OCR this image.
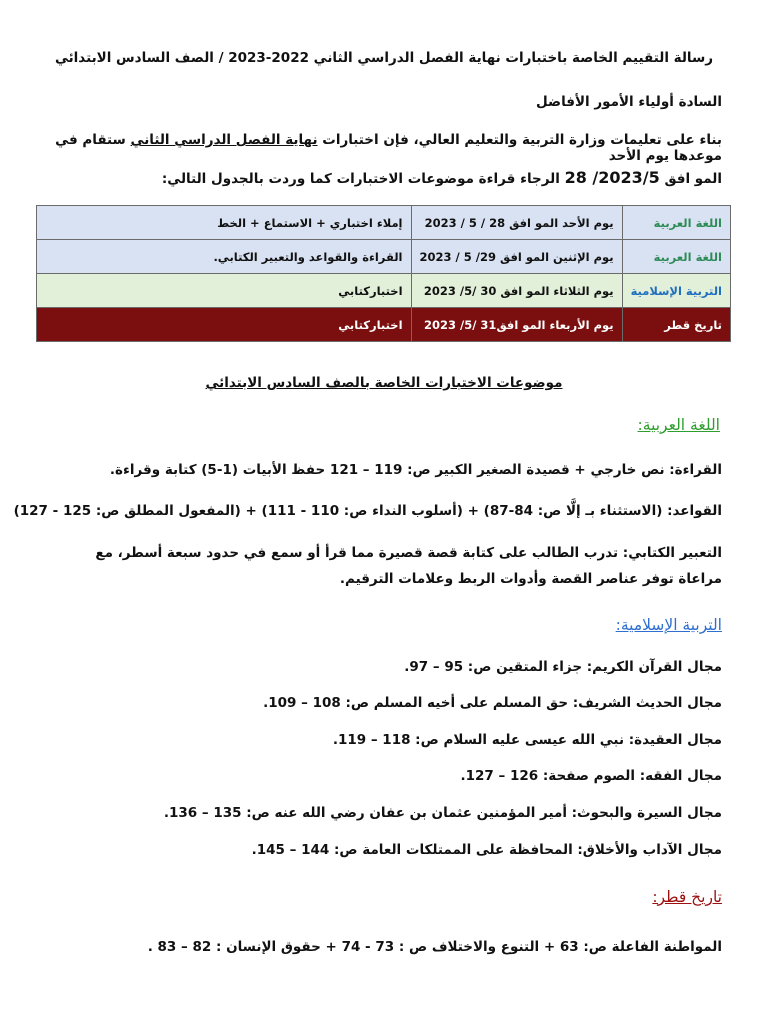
رسالة التقييم الخاصة باختبارات نهاية الفصل الدراسي الثاني 2022-2023 / الصف السادس الابتدائي
السادة أولياء الأمور الأفاضل
بناء على تعليمات وزارة التربية والتعليم العالي، فإن اختبارات نهاية الفصل الدراسي الثاني ستقام في موعدها يوم الأحد
المو افق 28 /2023/5 الرجاء قراءة موضوعات الاختبارات كما وردت بالجدول التالي:
اللغة العربية	يوم الأحد المو افق 28 / 5 / 2023	إملاء اختباري + الاستماع + الخط
اللغة العربية	يوم الإثنين المو افق 29/ 5 / 2023	القراءة والقواعد والتعبير الكتابي.
التربية الإسلامية	يوم الثلاثاء المو افق 30 /5/ 2023	اختباركتابي
تاريخ قطر	يوم الأربعاء المو افق31 /5/ 2023	اختباركتابي
موضوعات الاختبارات الخاصة بالصف السادس الابتدائي
اللغة العربية:
القراءة: نص خارجي + قصيدة الصغير الكبير ص: 119 – 121 حفظ الأبيات (1-5) كتابة وقراءة.
القواعد: (الاستثناء بـ إلَّا ص: 84-87) + (أسلوب النداء ص: 110 - 111) + (المفعول المطلق ص: 125 - 127)
التعبير الكتابي: تدرب الطالب على كتابة قصة قصيرة مما قرأ أو سمع في حدود سبعة أسطر، مع مراعاة توفر عناصر القصة وأدوات الربط وعلامات الترقيم.
التربية الإسلامية:
مجال القرآن الكريم: جزاء المتقين ص: 95 – 97.
مجال الحديث الشريف: حق المسلم على أخيه المسلم ص: 108 – 109.
مجال العقيدة: نبي الله عيسى عليه السلام ص: 118 – 119.
مجال الفقه: الصوم صفحة: 126 – 127.
مجال السيرة والبحوث: أمير المؤمنين عثمان بن عفان رضي الله عنه ص: 135 – 136.
مجال الآداب والأخلاق: المحافظة على الممتلكات العامة ص: 144 – 145.
تاريخ قطر:
المواطنة الفاعلة ص: 63 + التنوع والاختلاف ص : 73 - 74 + حقوق الإنسان : 82 – 83 .
